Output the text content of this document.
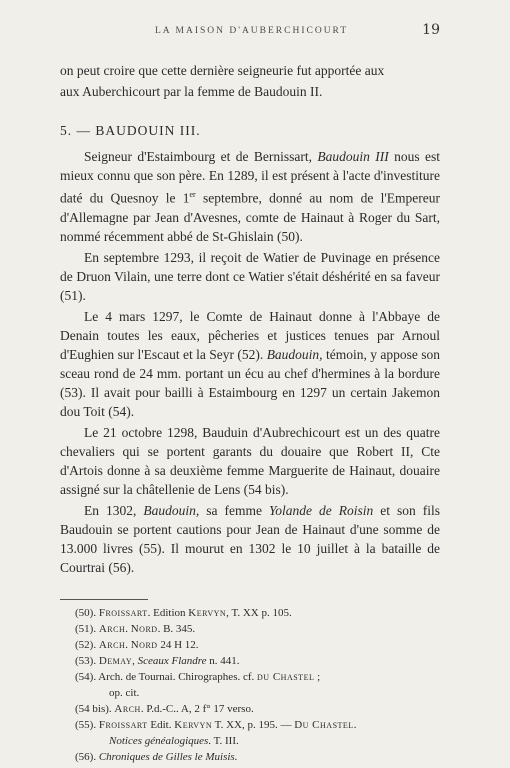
LA MAISON D'AUBERCHICOURT	19

on peut croire que cette dernière seigneurie fut apportée aux

aux Auberchicourt par la femme de Baudouin II.

5. — BAUDOUIN III.

Seigneur d'Estaimbourg et de Bernissart, Baudouin III nous est mieux connu que son père. En 1289, il est présent à l'acte d'investiture daté du Quesnoy le 1er septembre, donné au nom de l'Empereur d'Allemagne par Jean d'Avesnes, comte de Hainaut à Roger du Sart, nommé récemment abbé de St-Ghislain (50).

En septembre 1293, il reçoit de Watier de Puvinage en présence de Druon Vilain, une terre dont ce Watier s'était déshérité en sa faveur (51).

Le 4 mars 1297, le Comte de Hainaut donne à l'Abbaye de Denain toutes les eaux, pêcheries et justices tenues par Arnoul d'Eughien sur l'Escaut et la Seyr (52). Baudouin, témoin, y appose son sceau rond de 24 mm. portant un écu au chef d'hermines à la bordure (53). Il avait pour bailli à Estaimbourg en 1297 un certain Jakemon dou Toit (54).

Le 21 octobre 1298, Bauduin d'Aubrechicourt est un des quatre chevaliers qui se portent garants du douaire que Robert II, Cte d'Artois donne à sa deuxième femme Marguerite de Hainaut, douaire assigné sur la châtellenie de Lens (54 bis).

En 1302, Baudouin, sa femme Yolande de Roisin et son fils Baudouin se portent cautions pour Jean de Hainaut d'une somme de 13.000 livres (55). Il mourut en 1302 le 10 juillet à la bataille de Courtrai (56).

(50). Froissart. Edition Kervyn, T. XX p. 105.

(51). Arch. Nord. B. 345.

(52). Arch. Nord 24 H 12.

(53). Demay, Sceaux Flandre n. 441.

(54). Arch. de Tournai. Chirographes. cf. du Chastel ;

op. cit.

(54 bis). Arch. P.d.-C.. A, 2 f° 17 verso.

(55). Froissart Edit. Kervyn T. XX, p. 195. — Du Chastel.

Notices généalogiques. T. III.

(56). Chroniques de Gilles le Muisis.
